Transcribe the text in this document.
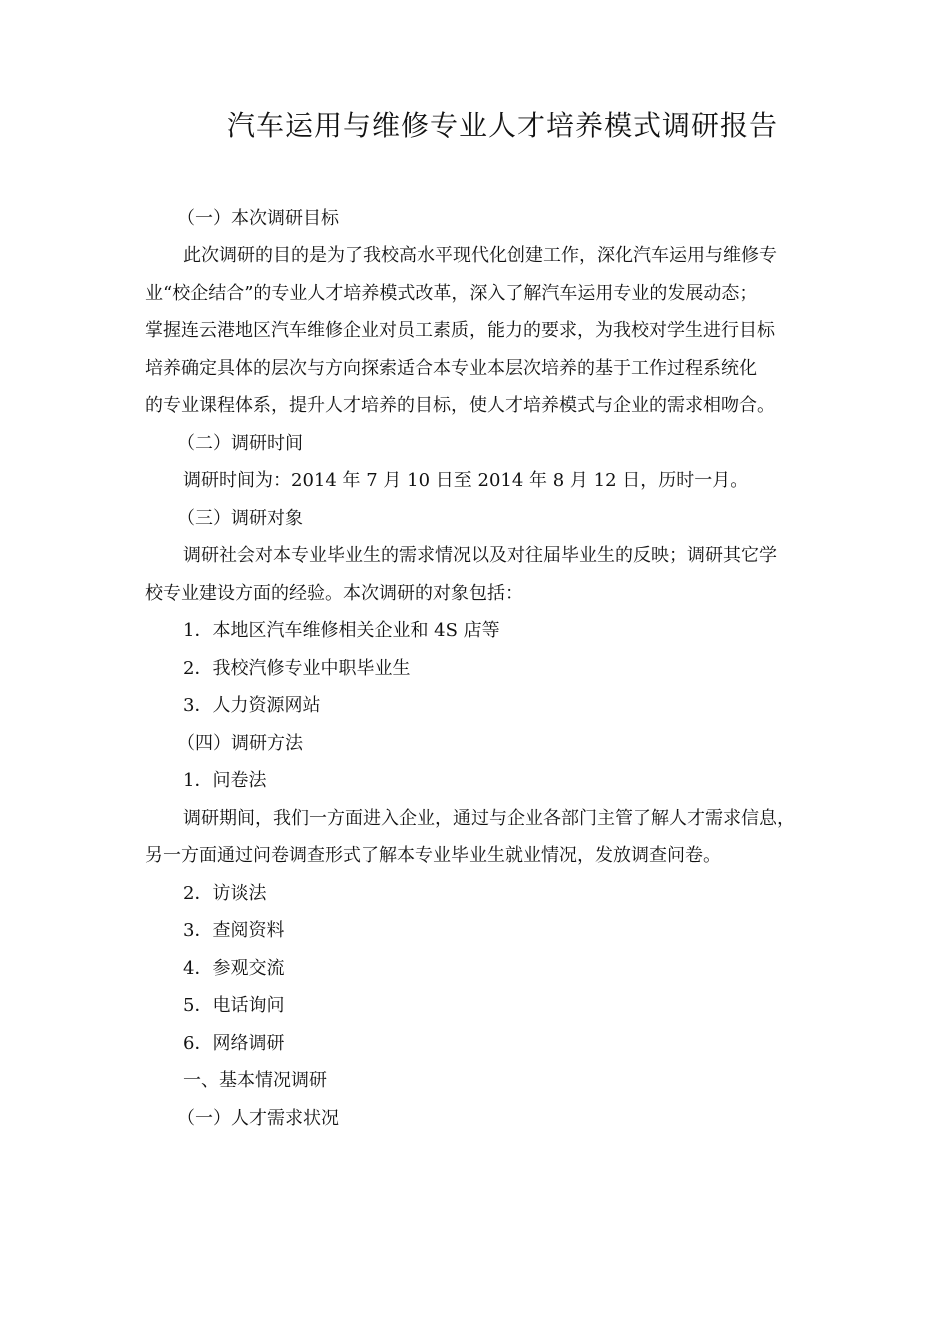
汽车运用与维修专业人才培养模式调研报告
（一）本次调研目标
此次调研的目的是为了我校高水平现代化创建工作，深化汽车运用与维修专
业“校企结合”的专业人才培养模式改革，深入了解汽车运用专业的发展动态；
掌握连云港地区汽车维修企业对员工素质，能力的要求，为我校对学生进行目标
培养确定具体的层次与方向探索适合本专业本层次培养的基于工作过程系统化
的专业课程体系，提升人才培养的目标，使人才培养模式与企业的需求相吻合。
（二）调研时间
调研时间为：2014 年 7 月 10 日至 2014 年 8 月 12 日，历时一月。
（三）调研对象
调研社会对本专业毕业生的需求情况以及对往届毕业生的反映；调研其它学
校专业建设方面的经验。本次调研的对象包括：
1．本地区汽车维修相关企业和 4S 店等
2．我校汽修专业中职毕业生
3．人力资源网站
（四）调研方法
1．问卷法
调研期间，我们一方面进入企业，通过与企业各部门主管了解人才需求信息，
另一方面通过问卷调查形式了解本专业毕业生就业情况，发放调查问卷。
2．访谈法
3．查阅资料
4．参观交流
5．电话询问
6．网络调研
一、基本情况调研
（一）人才需求状况
